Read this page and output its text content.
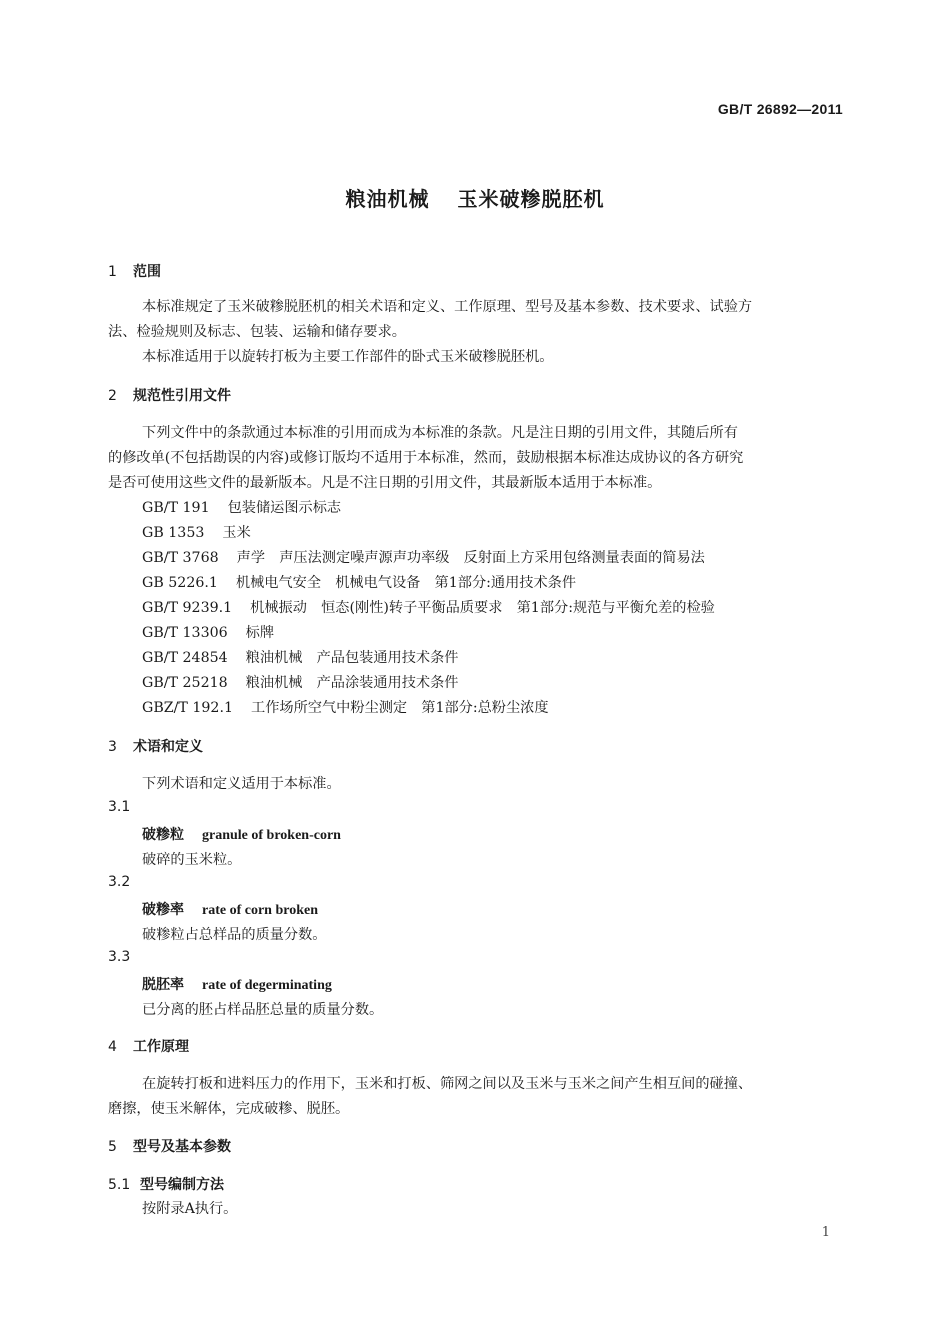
GB/T 26892—2011
粮油机械 玉米破糁脱胚机
1 范围
本标准规定了玉米破糁脱胚机的相关术语和定义、工作原理、型号及基本参数、技术要求、试验方
法、检验规则及标志、包装、运输和储存要求。
本标准适用于以旋转打板为主要工作部件的卧式玉米破糁脱胚机。
2 规范性引用文件
下列文件中的条款通过本标准的引用而成为本标准的条款。凡是注日期的引用文件，其随后所有
的修改单(不包括勘误的内容)或修订版均不适用于本标准，然而，鼓励根据本标准达成协议的各方研究
是否可使用这些文件的最新版本。凡是不注日期的引用文件，其最新版本适用于本标准。
GB/T 191 包装储运图示标志
GB 1353 玉米
GB/T 3768 声学　声压法测定噪声源声功率级　反射面上方采用包络测量表面的简易法
GB 5226.1 机械电气安全　机械电气设备　第1部分:通用技术条件
GB/T 9239.1 机械振动　恒态(刚性)转子平衡品质要求　第1部分:规范与平衡允差的检验
GB/T 13306 标牌
GB/T 24854 粮油机械　产品包装通用技术条件
GB/T 25218 粮油机械　产品涂装通用技术条件
GBZ/T 192.1 工作场所空气中粉尘测定　第1部分:总粉尘浓度
3 术语和定义
下列术语和定义适用于本标准。
3.1
破糁粒 granule of broken-corn
破碎的玉米粒。
3.2
破糁率 rate of corn broken
破糁粒占总样品的质量分数。
3.3
脱胚率 rate of degerminating
已分离的胚占样品胚总量的质量分数。
4 工作原理
在旋转打板和进料压力的作用下，玉米和打板、筛网之间以及玉米与玉米之间产生相互间的碰撞、
磨擦，使玉米解体，完成破糁、脱胚。
5 型号及基本参数
5.1 型号编制方法
按附录A执行。
1
